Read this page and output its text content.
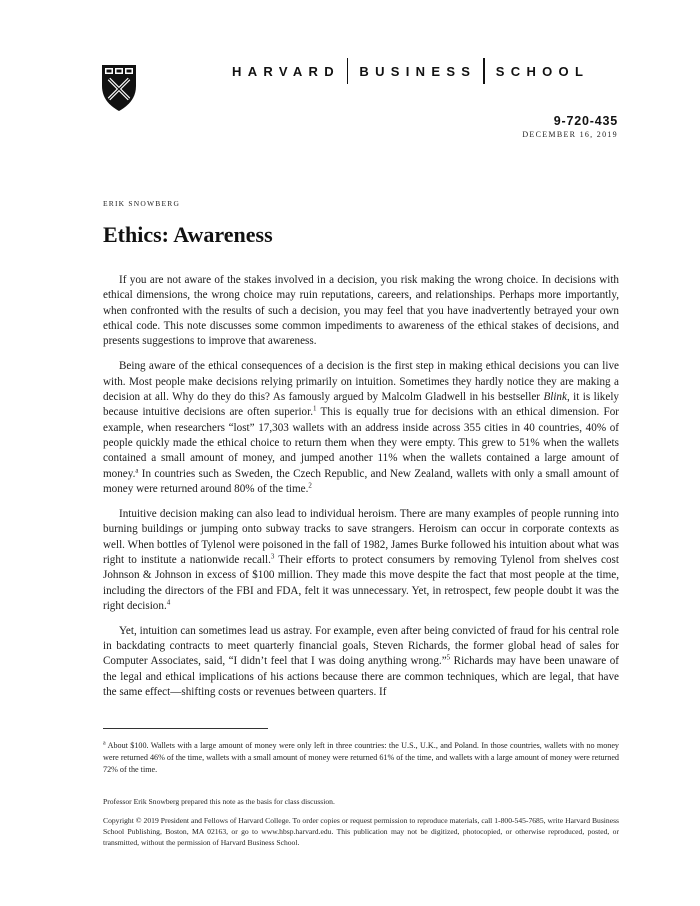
HARVARD BUSINESS SCHOOL
9-720-435
DECEMBER 16, 2019
ERIK SNOWBERG
Ethics: Awareness

If you are not aware of the stakes involved in a decision, you risk making the wrong choice. In decisions with ethical dimensions, the wrong choice may ruin reputations, careers, and relationships. Perhaps more importantly, when confronted with the results of such a decision, you may feel that you have inadvertently betrayed your own ethical code. This note discusses some common impediments to awareness of the ethical stakes of decisions, and presents suggestions to improve that awareness.

Being aware of the ethical consequences of a decision is the first step in making ethical decisions you can live with. Most people make decisions relying primarily on intuition. Sometimes they hardly notice they are making a decision at all. Why do they do this? As famously argued by Malcolm Gladwell in his bestseller Blink, it is likely because intuitive decisions are often superior.$^1$ This is equally true for decisions with an ethical dimension. For example, when researchers “lost” 17,303 wallets with an address inside across 355 cities in 40 countries, 40% of people quickly made the ethical choice to return them when they were empty. This grew to 51% when the wallets contained a small amount of money, and jumped another 11% when the wallets contained a large amount of money.$^a$ In countries such as Sweden, the Czech Republic, and New Zealand, wallets with only a small amount of money were returned around 80% of the time.$^2$

Intuitive decision making can also lead to individual heroism. There are many examples of people running into burning buildings or jumping onto subway tracks to save strangers. Heroism can occur in corporate contexts as well. When bottles of Tylenol were poisoned in the fall of 1982, James Burke followed his intuition about what was right to institute a nationwide recall.$^3$ Their efforts to protect consumers by removing Tylenol from shelves cost Johnson & Johnson in excess of $100 million. They made this move despite the fact that most people at the time, including the directors of the FBI and FDA, felt it was unnecessary. Yet, in retrospect, few people doubt it was the right decision.$^4$

Yet, intuition can sometimes lead us astray. For example, even after being convicted of fraud for his central role in backdating contracts to meet quarterly financial goals, Steven Richards, the former global head of sales for Computer Associates, said, “I didn’t feel that I was doing anything wrong.”$^5$ Richards may have been unaware of the legal and ethical implications of his actions because there are common techniques, which are legal, that have the same effect—shifting costs or revenues between quarters. If

$^a$ About $100. Wallets with a large amount of money were only left in three countries: the U.S., U.K., and Poland. In those countries, wallets with no money were returned 46% of the time, wallets with a small amount of money were returned 61% of the time, and wallets with a large amount of money were returned 72% of the time.
Professor Erik Snowberg prepared this note as the basis for class discussion.
Copyright © 2019 President and Fellows of Harvard College. To order copies or request permission to reproduce materials, call 1-800-545-7685, write Harvard Business School Publishing, Boston, MA 02163, or go to www.hbsp.harvard.edu. This publication may not be digitized, photocopied, or otherwise reproduced, posted, or transmitted, without the permission of Harvard Business School.
